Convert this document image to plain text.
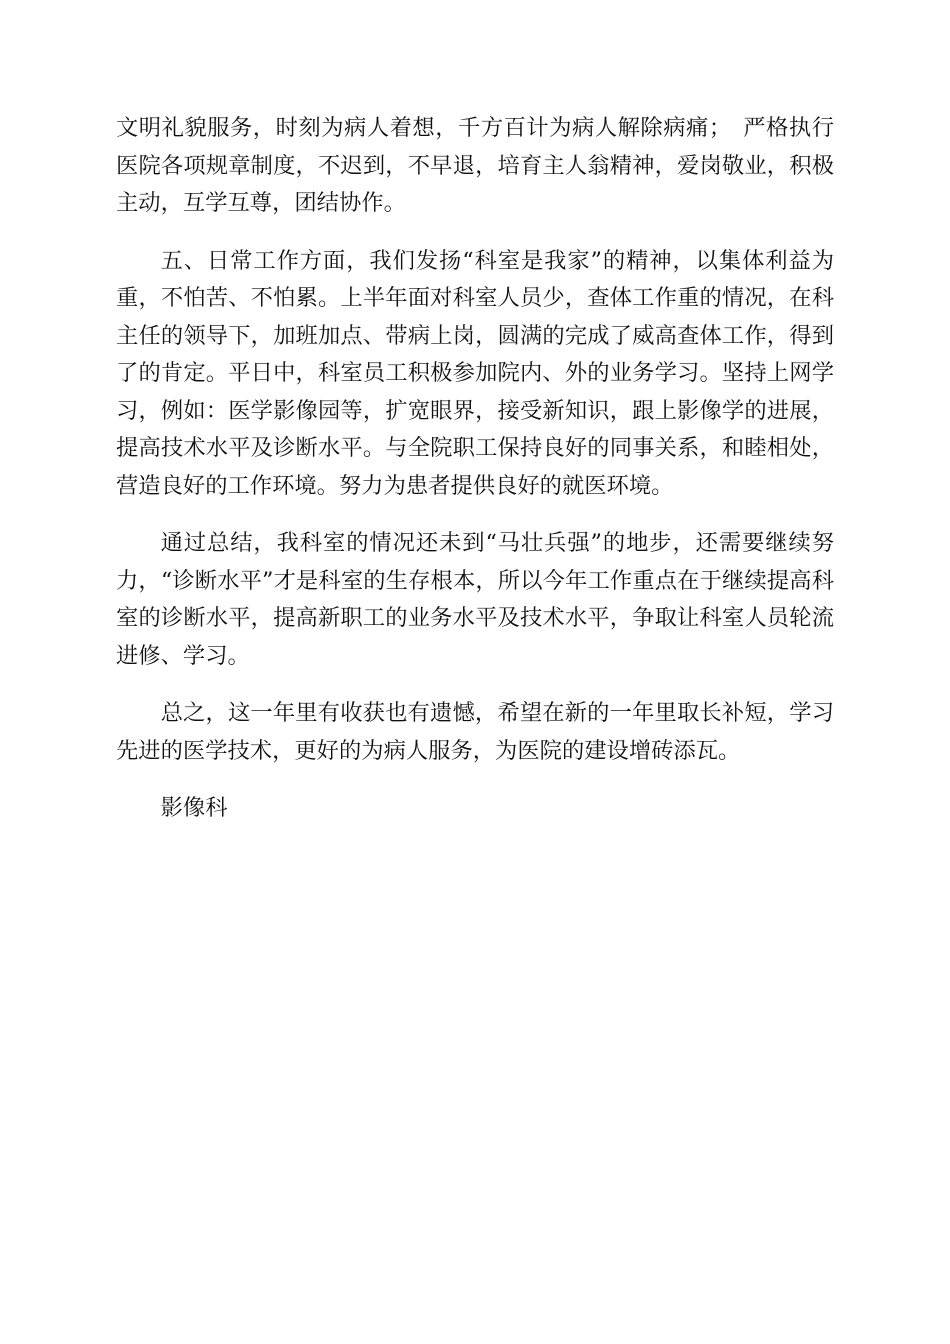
文明礼貌服务，时刻为病人着想，千方百计为病人解除病痛；　严格执行医院各项规章制度，不迟到，不早退，培育主人翁精神，爱岗敬业，积极主动，互学互尊，团结协作。

五、日常工作方面，我们发扬“科室是我家”的精神，以集体利益为重，不怕苦、不怕累。上半年面对科室人员少，查体工作重的情况，在科主任的领导下，加班加点、带病上岗，圆满的完成了威高查体工作，得到了的肯定。平日中，科室员工积极参加院内、外的业务学习。坚持上网学习，例如：医学影像园等，扩宽眼界，接受新知识，跟上影像学的进展，提高技术水平及诊断水平。与全院职工保持良好的同事关系，和睦相处，营造良好的工作环境。努力为患者提供良好的就医环境。

通过总结，我科室的情况还未到“马壮兵强”的地步，还需要继续努力，“诊断水平”才是科室的生存根本，所以今年工作重点在于继续提高科室的诊断水平，提高新职工的业务水平及技术水平，争取让科室人员轮流进修、学习。

总之，这一年里有收获也有遗憾，希望在新的一年里取长补短，学习先进的医学技术，更好的为病人服务，为医院的建设增砖添瓦。

影像科
